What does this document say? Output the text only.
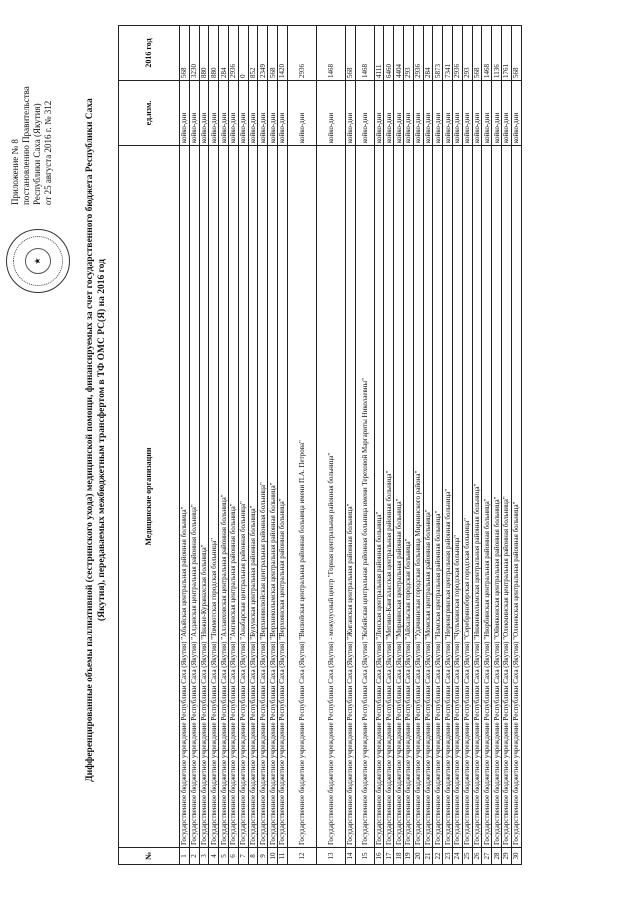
★
Приложение № 8 постановлению Правительства Республики Саха (Якутия) от 25 августа 2016 г. № 312	Дифференцированные объемы паллиативной (сестринского ухода) медицинской помощи, финансируемых за счет государственного бюджета Республики Саха (Якутия), передаваемых межбюджетным трансфертом в ТФ ОМС РС(Я) на 2016 год
№	Медицинские организации	ед.изм.	2016 год
1	Государственное бюджетное учреждение Республики Саха (Якутия) "Абыйская центральная районная больница"	койко-дни	568
2	Государственное бюджетное учреждение Республики Саха (Якутия) "Алданская центральная районная больница"	койко-дни	3230
3	Государственное бюджетное учреждение Республики Саха (Якутия) "Нижне-Куранахская больница"	койко-дни	880
4	Государственное бюджетное учреждение Республики Саха (Якутия) "Томмотская городская больница"	койко-дни	880
5	Государственное бюджетное учреждение Республики Саха (Якутия) "Аллаиховская центральная районная больница"	койко-дни	284
6	Государственное бюджетное учреждение Республики Саха (Якутия) "Амгинская центральная районная больница"	койко-дни	2936
7	Государственное бюджетное учреждение Республики Саха (Якутия) "Анабарская центральная районная больница"	койко-дни	0
8	Государственное бюджетное учреждение Республики Саха (Якутия) "Булунская центральная районная больница"	койко-дни	852
9	Государственное бюджетное учреждение Республики Саха (Якутия) "Верхневилюйская центральная районная больница"	койко-дни	2349
10	Государственное бюджетное учреждение Республики Саха (Якутия) "Верхнеколымская центральная районная больница"	койко-дни	568
11	Государственное бюджетное учреждение Республики Саха (Якутия) "Верхоянская центральная районная больница"	койко-дни	1420
12	Государственное бюджетное учреждение Республики Саха (Якутия) "Вилюйская центральная районная больница имени П.А. Петрова"	койко-дни	2936
13	Государственное бюджетное учреждение Республики Саха (Якутия) - межулусный центр "Горная центральная районная больница"	койко-дни	1468
14	Государственное бюджетное учреждение Республики Саха (Якутия) "Жиганская центральная районная больница"	койко-дни	568
15	Государственное бюджетное учреждение Республики Саха (Якутия) "Кобяйская центральная районная больница имени Тереховой Маргариты Николаевны"	койко-дни	1468
16	Государственное бюджетное учреждение Республики Саха (Якутия) "Ленская центральная районная больница"	койко-дни	4111
17	Государственное бюджетное учреждение Республики Саха (Якутия) "Мегино-Кангаласская центральная районная больница"	койко-дни	6460
18	Государственное бюджетное учреждение Республики Саха (Якутия) "Мирнинская центральная районная больница"	койко-дни	4404
19	Государственное бюджетное учреждение Республики Саха (Якутия) "Айхальская городская больница"	койко-дни	293
20	Государственное бюджетное учреждение Республики Саха (Якутия) "Удачнинская городская больница Мирнинского района"	койко-дни	2936
21	Государственное бюджетное учреждение Республики Саха (Якутия) "Момская центральная районная больница"	койко-дни	284
22	Государственное бюджетное учреждение Республики Саха (Якутия) "Намская центральная районная больница"	койко-дни	5873
23	Государственное бюджетное учреждение Республики Саха (Якутия) "Нерюнгринская центральная районная больница"	койко-дни	7341
24	Государственное бюджетное учреждение Республики Саха (Якутия) "Чульманская городская больница"	койко-дни	2936
25	Государственное бюджетное учреждение Республики Саха (Якутия) "Серебряноборская городская больница"	койко-дни	293
26	Государственное бюджетное учреждение Республики Саха (Якутия) "Нижнеколымская центральная районная больница"	койко-дни	568
27	Государственное бюджетное учреждение Республики Саха (Якутия) "Нюрбинская центральная районная больница"	койко-дни	1468
28	Государственное бюджетное учреждение Республики Саха (Якутия) "Оймяконская центральная районная больница"	койко-дни	1136
29	Государственное бюджетное учреждение Республики Саха (Якутия) "Олекминская центральная районная больница"	койко-дни	1761
30	Государственное бюджетное учреждение Республики Саха (Якутия) "Оленекская центральная районная больница"	койко-дни	568
